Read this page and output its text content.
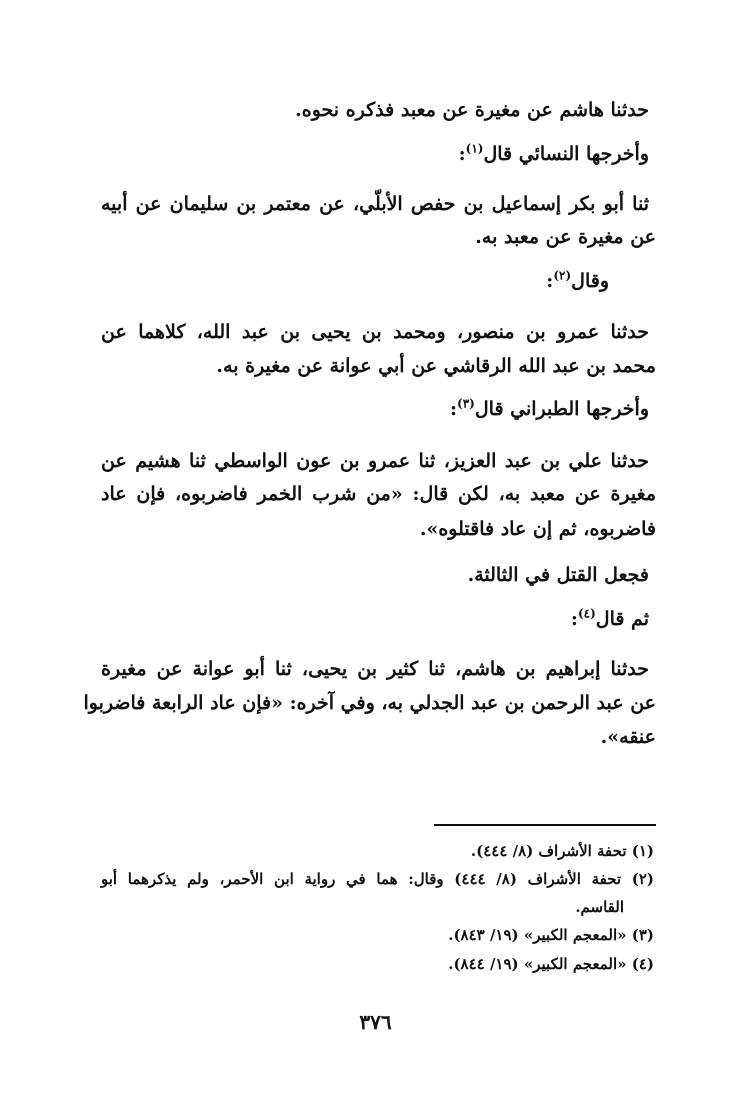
حدثنا هاشم عن مغيرة عن معبد فذكره نحوه.
وأخرجها النسائي قال$^{(١)}$:
ثنا أبو بكر إسماعيل بن حفص الأبلّي، عن معتمر بن سليمان عن أبيه
عن مغيرة عن معبد به.
وقال$^{(٢)}$:
حدثنا عمرو بن منصور، ومحمد بن يحيى بن عبد الله، كلاهما عن
محمد بن عبد الله الرقاشي عن أبي عوانة عن مغيرة به.
وأخرجها الطبراني قال$^{(٣)}$:
حدثنا علي بن عبد العزيز، ثنا عمرو بن عون الواسطي ثنا هشيم عن
مغيرة عن معبد به، لكن قال: «من شرب الخمر فاضربوه، فإن عاد
فاضربوه، ثم إن عاد فاقتلوه».
فجعل القتل في الثالثة.
ثم قال$^{(٤)}$:
حدثنا إبراهيم بن هاشم، ثنا كثير بن يحيى، ثنا أبو عوانة عن مغيرة
عن عبد الرحمن بن عبد الجدلي به، وفي آخره: «فإن عاد الرابعة فاضربوا
عنقه».
(١) تحفة الأشراف (٨/ ٤٤٤).
(٢) تحفة الأشراف (٨/ ٤٤٤) وقال: هما في رواية ابن الأحمر، ولم يذكرهما أبو
القاسم.
(٣) «المعجم الكبير» (١٩/ ٨٤٣).
(٤) «المعجم الكبير» (١٩/ ٨٤٤).
٣٧٦
